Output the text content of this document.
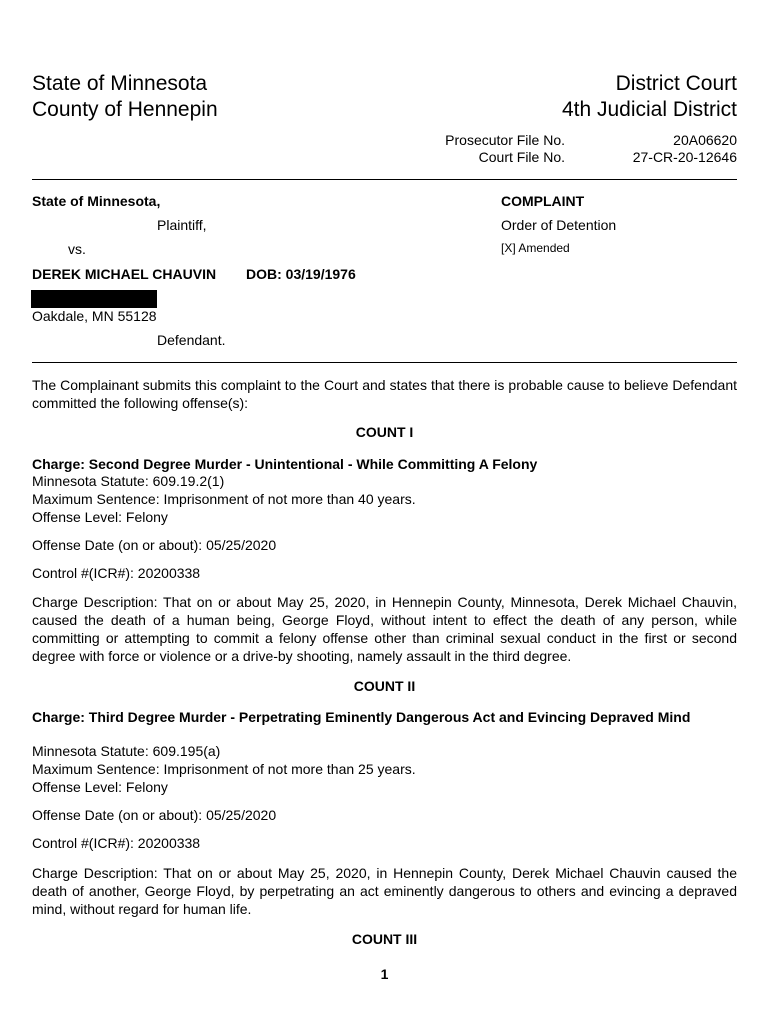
State of Minnesota
County of Hennepin
District Court
4th Judicial District
Prosecutor File No.	20A06620
Court File No.	27-CR-20-12646
State of Minnesota,
Plaintiff,
vs.
DEREK MICHAEL CHAUVIN DOB: 03/19/1976
Oakdale, MN 55128
Defendant.
COMPLAINT
Order of Detention
[X] Amended
The Complainant submits this complaint to the Court and states that there is probable cause to believe Defendant committed the following offense(s):
COUNT I
Charge: Second Degree Murder - Unintentional - While Committing A Felony
Minnesota Statute: 609.19.2(1)
Maximum Sentence: Imprisonment of not more than 40 years.
Offense Level: Felony
Offense Date (on or about): 05/25/2020
Control #(ICR#): 20200338
Charge Description: That on or about May 25, 2020, in Hennepin County, Minnesota, Derek Michael Chauvin, caused the death of a human being, George Floyd, without intent to effect the death of any person, while committing or attempting to commit a felony offense other than criminal sexual conduct in the first or second degree with force or violence or a drive-by shooting, namely assault in the third degree.
COUNT II
Charge: Third Degree Murder - Perpetrating Eminently Dangerous Act and Evincing Depraved Mind
Minnesota Statute: 609.195(a)
Maximum Sentence: Imprisonment of not more than 25 years.
Offense Level: Felony
Offense Date (on or about): 05/25/2020
Control #(ICR#): 20200338
Charge Description: That on or about May 25, 2020, in Hennepin County, Derek Michael Chauvin caused the death of another, George Floyd, by perpetrating an act eminently dangerous to others and evincing a depraved mind, without regard for human life.
COUNT III
1
